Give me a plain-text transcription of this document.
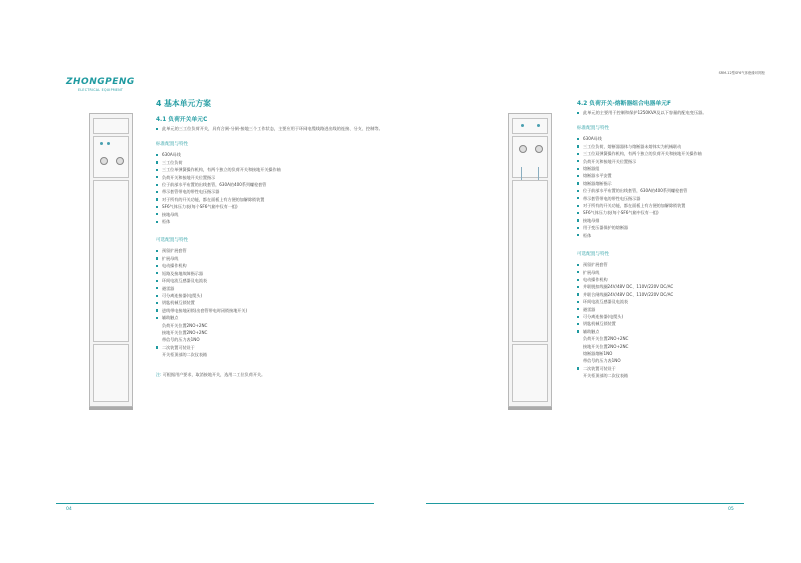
ZHONGPENG
ELECTRICAL EQUIPMENT
4 基本单元方案
4.1 负荷开关单元C
此单元的三工位负荷开关，具有合闸-分闸-接地三个工作状态，主要应用于环网电缆线路进出线的连接、分支、控制等。
标准配置与特性
630A母线
三工位负荷
三工位单弹簧操作机构，有两个独立的负荷开关和接地开关操作轴
负荷开关和接地开关位置指示
位于前部水平布置的出线套管，630A的400系列螺栓套管
带示套管带电的带性电压指示器
对于所有的开关功能，都在面板上有方便的加解除锁装置
SF6气体压力表(每个SF6气箱中仅有一组)
接地母线
柜体
可选配置与特性
预留扩展套管
扩展母线
电动操作机构
短路及接地故障指示器
环间电流互感器及电流表
避雷器
可分离连接器(电缆头)
钥匙机械互锁装置
进线带电接地闭锁(出套管带电时闭锁接地开关)
辅助触点
负荷开关位置2NO+2NC
接地开关位置2NO+2NC
带信号的压力表1NO
二次装置可装设于
开关柜顶部的二次仪表箱
注: 可根据用户要求，取消接地开关，选用二工位负荷开关。
04
SRM-12型SF6气体绝缘环网柜
4.2 负荷开关-熔断器组合电器单元F
此单元的主要用于控制和保护1250KVA及以下容量的配电变压器。
标准配置与特性
630A母线
三工位负荷，熔断器器体与熔断器未熔体实为机械联动
三工位双弹簧操作机构，有两个独立的负荷开关和接地开关操作轴
负荷开关和接地开关位置指示
熔断器组
熔断器水平安置
熔断器熔断指示
位于前部水平布置的出线套管，630A的400系列螺栓套管
带示套管带电的带性电压指示器
对于所有的开关功能，都在面板上有方便的加解除锁装置
SF6气体压力表(每个SF6气箱中仅有一组)
接地母排
用于变压器保护的熔断器
柜体
可选配置与特性
预留扩展套管
扩展母线
电动操作机构
并联脱扣线圈24V/48V DC、110V/220V DC/AC
并联合闸线圈24V/48V DC、110V/220V DC/AC
环间电流互感器及电流表
避雷器
可分离连接器(电缆头)
钥匙机械互锁装置
辅助触点
负荷开关位置2NO+2NC
接地开关位置2NO+2NC
熔断器熔断1NO
带信号的压力表1NO
二次装置可装设于
开关柜顶部的二次仪表箱
05
